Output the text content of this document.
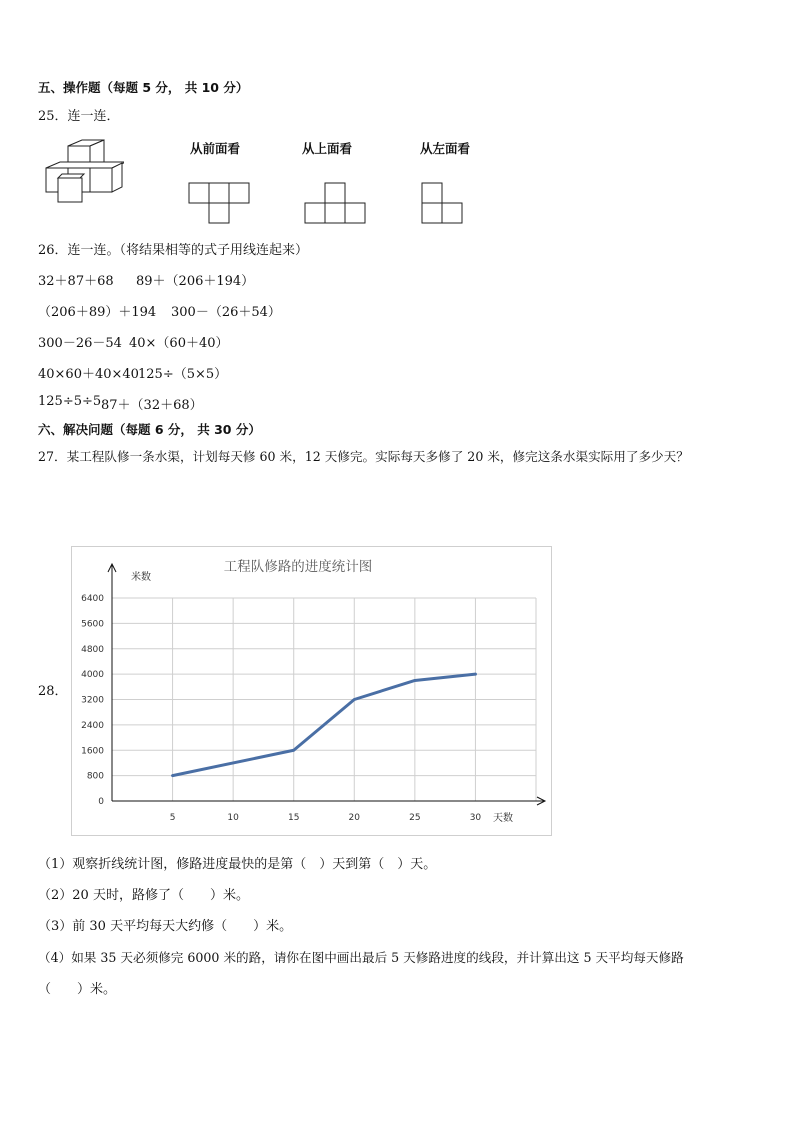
五、操作题（每题 5 分， 共 10 分）
25．连一连．
从前面看	从上面看	从左面看
26．连一连。（将结果相等的式子用线连起来）
32＋87＋68 89＋（206＋194）
（206＋89）＋194 300－（26＋54）
300－26－54 40×（60＋40）
40×60＋40×40 125÷（5×5）
125÷5÷5 87＋（32＋68）
六、解决问题（每题 6 分， 共 30 分）
27．某工程队修一条水渠，计划每天修 60 米，12 天修完。实际每天多修了 20 米，修完这条水渠实际用了多少天？
28．
工程队修路的进度统计图
米数
天数
0
800
1600
2400
3200
4000
4800
5600
6400
5	10	15	20	25	30
（1）观察折线统计图，修路进度最快的是第（　）天到第（　）天。
（2）20 天时，路修了（　　）米。
（3）前 30 天平均每天大约修（　　）米。
（4）如果 35 天必须修完 6000 米的路，请你在图中画出最后 5 天修路进度的线段，并计算出这 5 天平均每天修路
（　　）米。
